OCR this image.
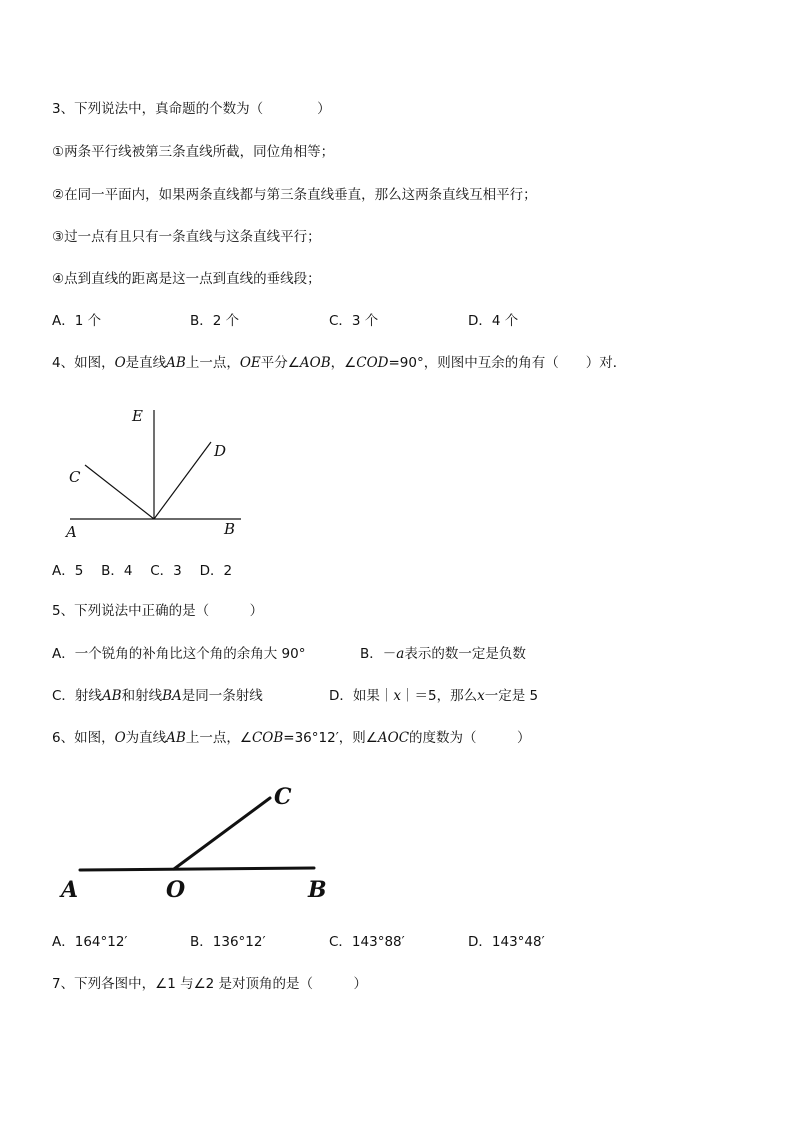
3、下列说法中，真命题的个数为（　　　　）
①两条平行线被第三条直线所截，同位角相等；
②在同一平面内，如果两条直线都与第三条直线垂直，那么这两条直线互相平行；
③过一点有且只有一条直线与这条直线平行；
④点到直线的距离是这一点到直线的垂线段；
A．1 个	B．2 个	C．3 个	D．4 个
4、如图，O是直线AB上一点，OE平分∠AOB，∠COD=90°，则图中互余的角有（　　）对．
E
D
C
A	B
A．5　 B．4　 C．3　 D．2
5、下列说法中正确的是（　　　）
A．一个锐角的补角比这个角的余角大 90°	B．－a表示的数一定是负数
C．射线AB和射线BA是同一条射线	D．如果｜x｜＝5，那么x一定是 5
6、如图，O为直线AB上一点，∠COB=36°12′，则∠AOC的度数为（　　　）
C
A	O	B
A．164°12′	B．136°12′	C．143°88′	D．143°48′
7、下列各图中，∠1 与∠2 是对顶角的是（　　　）
